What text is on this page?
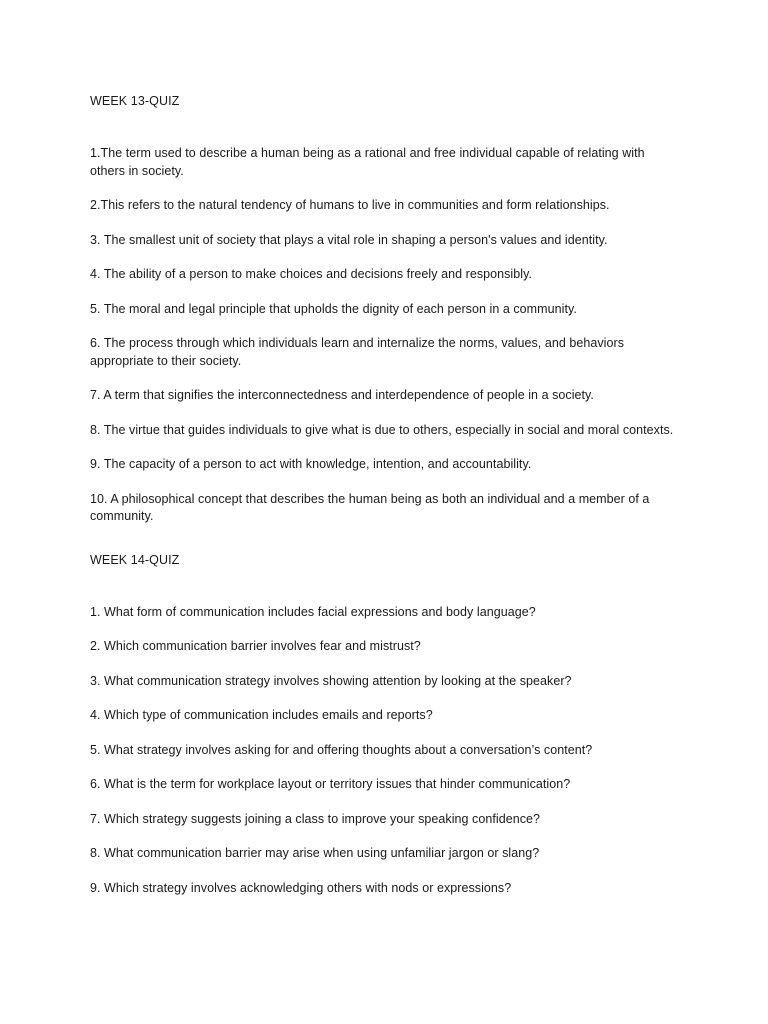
WEEK 13-QUIZ
1.The term used to describe a human being as a rational and free individual capable of relating with others in society.
2.This refers to the natural tendency of humans to live in communities and form relationships.
3. The smallest unit of society that plays a vital role in shaping a person's values and identity.
4. The ability of a person to make choices and decisions freely and responsibly.
5. The moral and legal principle that upholds the dignity of each person in a community.
6. The process through which individuals learn and internalize the norms, values, and behaviors appropriate to their society.
7. A term that signifies the interconnectedness and interdependence of people in a society.
8. The virtue that guides individuals to give what is due to others, especially in social and moral contexts.
9. The capacity of a person to act with knowledge, intention, and accountability.
10. A philosophical concept that describes the human being as both an individual and a member of a community.
WEEK 14-QUIZ
1. What form of communication includes facial expressions and body language?
2. Which communication barrier involves fear and mistrust?
3. What communication strategy involves showing attention by looking at the speaker?
4. Which type of communication includes emails and reports?
5. What strategy involves asking for and offering thoughts about a conversation’s content?
6. What is the term for workplace layout or territory issues that hinder communication?
7. Which strategy suggests joining a class to improve your speaking confidence?
8. What communication barrier may arise when using unfamiliar jargon or slang?
9. Which strategy involves acknowledging others with nods or expressions?
